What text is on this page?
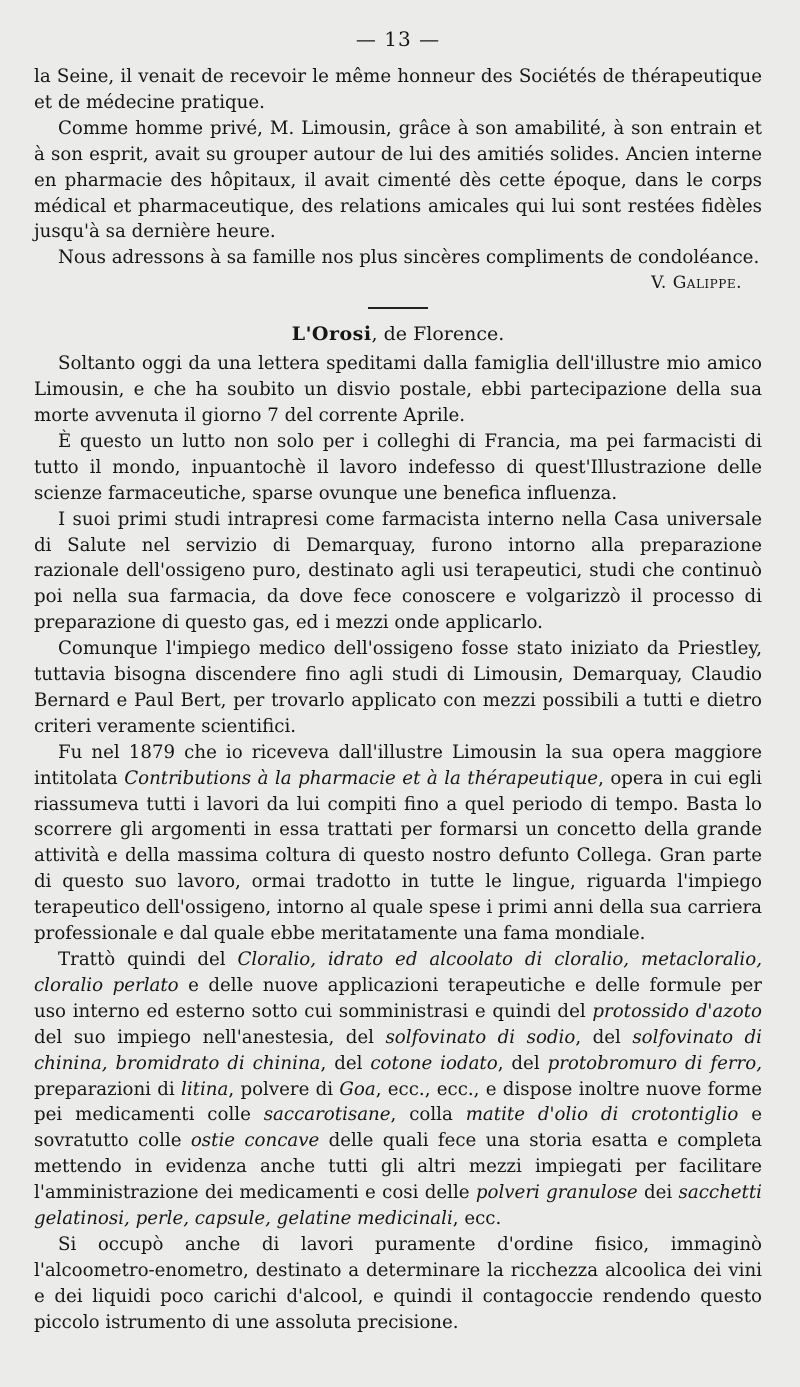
— 13 —

la Seine, il venait de recevoir le même honneur des Sociétés de thérapeutique et de médecine pratique.

Comme homme privé, M. Limousin, grâce à son amabilité, à son entrain et à son esprit, avait su grouper autour de lui des amitiés solides. Ancien interne en pharmacie des hôpitaux, il avait cimenté dès cette époque, dans le corps médical et pharmaceutique, des relations amicales qui lui sont restées fidèles jusqu'à sa dernière heure.

Nous adressons à sa famille nos plus sincères compliments de condoléance.

V. Galippe.
L'Orosi, de Florence.

Soltanto oggi da una lettera speditami dalla famiglia dell'illustre mio amico Limousin, e che ha soubito un disvio postale, ebbi partecipazione della sua morte avvenuta il giorno 7 del corrente Aprile.

È questo un lutto non solo per i colleghi di Francia, ma pei farmacisti di tutto il mondo, inpuantochè il lavoro indefesso di quest'Illustrazione delle scienze farmaceutiche, sparse ovunque une benefica influenza.

I suoi primi studi intrapresi come farmacista interno nella Casa universale di Salute nel servizio di Demarquay, furono intorno alla preparazione razionale dell'ossigeno puro, destinato agli usi terapeutici, studi che continuò poi nella sua farmacia, da dove fece conoscere e volgarizzò il processo di preparazione di questo gas, ed i mezzi onde applicarlo.

Comunque l'impiego medico dell'ossigeno fosse stato iniziato da Priestley, tuttavia bisogna discendere fino agli studi di Limousin, Demarquay, Claudio Bernard e Paul Bert, per trovarlo applicato con mezzi possibili a tutti e dietro criteri veramente scientifici.

Fu nel 1879 che io riceveva dall'illustre Limousin la sua opera maggiore intitolata Contributions à la pharmacie et à la thérapeutique, opera in cui egli riassumeva tutti i lavori da lui compiti fino a quel periodo di tempo. Basta lo scorrere gli argomenti in essa trattati per formarsi un concetto della grande attività e della massima coltura di questo nostro defunto Collega. Gran parte di questo suo lavoro, ormai tradotto in tutte le lingue, riguarda l'impiego terapeutico dell'ossigeno, intorno al quale spese i primi anni della sua carriera professionale e dal quale ebbe meritatamente una fama mondiale.

Trattò quindi del Cloralio, idrato ed alcoolato di cloralio, metacloralio, cloralio perlato e delle nuove applicazioni terapeutiche e delle formule per uso interno ed esterno sotto cui somministrasi e quindi del protossido d'azoto del suo impiego nell'anestesia, del solfovinato di sodio, del solfovinato di chinina, bromidrato di chinina, del cotone iodato, del protobromuro di ferro, preparazioni di litina, polvere di Goa, ecc., ecc., e dispose inoltre nuove forme pei medicamenti colle saccarotisane, colla matite d'olio di crotontiglio e sovratutto colle ostie concave delle quali fece una storia esatta e completa mettendo in evidenza anche tutti gli altri mezzi impiegati per facilitare l'amministrazione dei medicamenti e cosi delle polveri granulose dei sacchetti gelatinosi, perle, capsule, gelatine medicinali, ecc.

Si occupò anche di lavori puramente d'ordine fisico, immaginò l'alcoometro-enometro, destinato a determinare la ricchezza alcoolica dei vini e dei liquidi poco carichi d'alcool, e quindi il contagoccie rendendo questo piccolo istrumento di une assoluta precisione.
